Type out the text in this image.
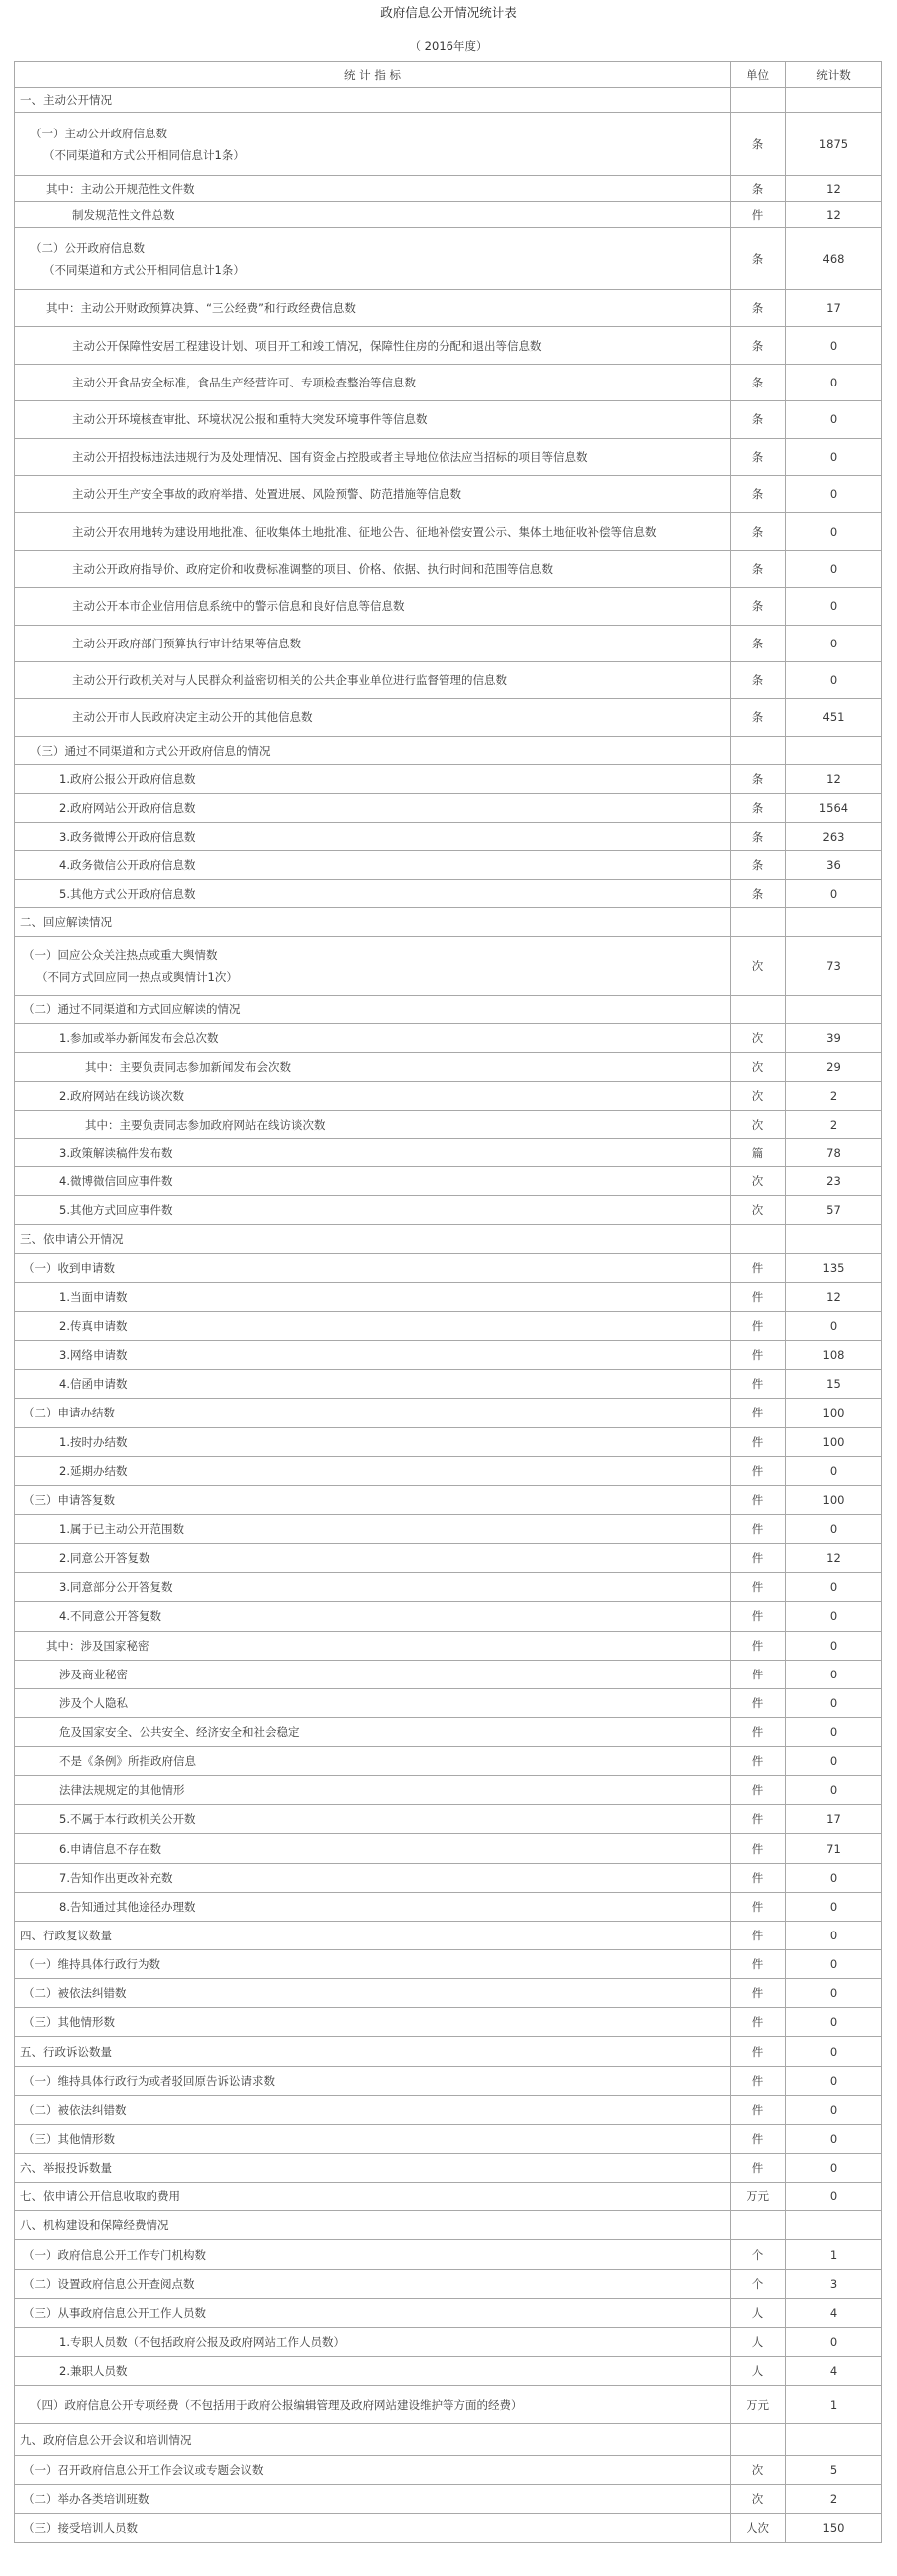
政府信息公开情况统计表
（ 2016年度）
统 计 指 标	单位	统计数
一、主动公开情况
（一）主动公开政府信息数
（不同渠道和方式公开相同信息计1条）
条	1875
其中：主动公开规范性文件数	条	12
制发规范性文件总数	件	12
（二）公开政府信息数
（不同渠道和方式公开相同信息计1条）
条	468
其中：主动公开财政预算决算、“三公经费”和行政经费信息数	条	17
主动公开保障性安居工程建设计划、项目开工和竣工情况，保障性住房的分配和退出等信息数	条	0
主动公开食品安全标准，食品生产经营许可、专项检查整治等信息数	条	0
主动公开环境核查审批、环境状况公报和重特大突发环境事件等信息数	条	0
主动公开招投标违法违规行为及处理情况、国有资金占控股或者主导地位依法应当招标的项目等信息数	条	0
主动公开生产安全事故的政府举措、处置进展、风险预警、防范措施等信息数	条	0
主动公开农用地转为建设用地批准、征收集体土地批准、征地公告、征地补偿安置公示、集体土地征收补偿等信息数	条	0
主动公开政府指导价、政府定价和收费标准调整的项目、价格、依据、执行时间和范围等信息数	条	0
主动公开本市企业信用信息系统中的警示信息和良好信息等信息数	条	0
主动公开政府部门预算执行审计结果等信息数	条	0
主动公开行政机关对与人民群众利益密切相关的公共企事业单位进行监督管理的信息数	条	0
主动公开市人民政府决定主动公开的其他信息数	条	451
（三）通过不同渠道和方式公开政府信息的情况
1.政府公报公开政府信息数	条	12
2.政府网站公开政府信息数	条	1564
3.政务微博公开政府信息数	条	263
4.政务微信公开政府信息数	条	36
5.其他方式公开政府信息数	条	0
二、回应解读情况
（一）回应公众关注热点或重大舆情数
（不同方式回应同一热点或舆情计1次）
次	73
（二）通过不同渠道和方式回应解读的情况
1.参加或举办新闻发布会总次数	次	39
其中：主要负责同志参加新闻发布会次数	次	29
2.政府网站在线访谈次数	次	2
其中：主要负责同志参加政府网站在线访谈次数	次	2
3.政策解读稿件发布数	篇	78
4.微博微信回应事件数	次	23
5.其他方式回应事件数	次	57
三、依申请公开情况
（一）收到申请数	件	135
1.当面申请数	件	12
2.传真申请数	件	0
3.网络申请数	件	108
4.信函申请数	件	15
（二）申请办结数	件	100
1.按时办结数	件	100
2.延期办结数	件	0
（三）申请答复数	件	100
1.属于已主动公开范围数	件	0
2.同意公开答复数	件	12
3.同意部分公开答复数	件	0
4.不同意公开答复数	件	0
其中：涉及国家秘密	件	0
涉及商业秘密	件	0
涉及个人隐私	件	0
危及国家安全、公共安全、经济安全和社会稳定	件	0
不是《条例》所指政府信息	件	0
法律法规规定的其他情形	件	0
5.不属于本行政机关公开数	件	17
6.申请信息不存在数	件	71
7.告知作出更改补充数	件	0
8.告知通过其他途径办理数	件	0
四、行政复议数量	件	0
（一）维持具体行政行为数	件	0
（二）被依法纠错数	件	0
（三）其他情形数	件	0
五、行政诉讼数量	件	0
（一）维持具体行政行为或者驳回原告诉讼请求数	件	0
（二）被依法纠错数	件	0
（三）其他情形数	件	0
六、举报投诉数量	件	0
七、依申请公开信息收取的费用	万元	0
八、机构建设和保障经费情况
（一）政府信息公开工作专门机构数	个	1
（二）设置政府信息公开查阅点数	个	3
（三）从事政府信息公开工作人员数	人	4
1.专职人员数（不包括政府公报及政府网站工作人员数）	人	0
2.兼职人员数	人	4
（四）政府信息公开专项经费（不包括用于政府公报编辑管理及政府网站建设维护等方面的经费）	万元	1
九、政府信息公开会议和培训情况
（一）召开政府信息公开工作会议或专题会议数	次	5
（二）举办各类培训班数	次	2
（三）接受培训人员数	人次	150
